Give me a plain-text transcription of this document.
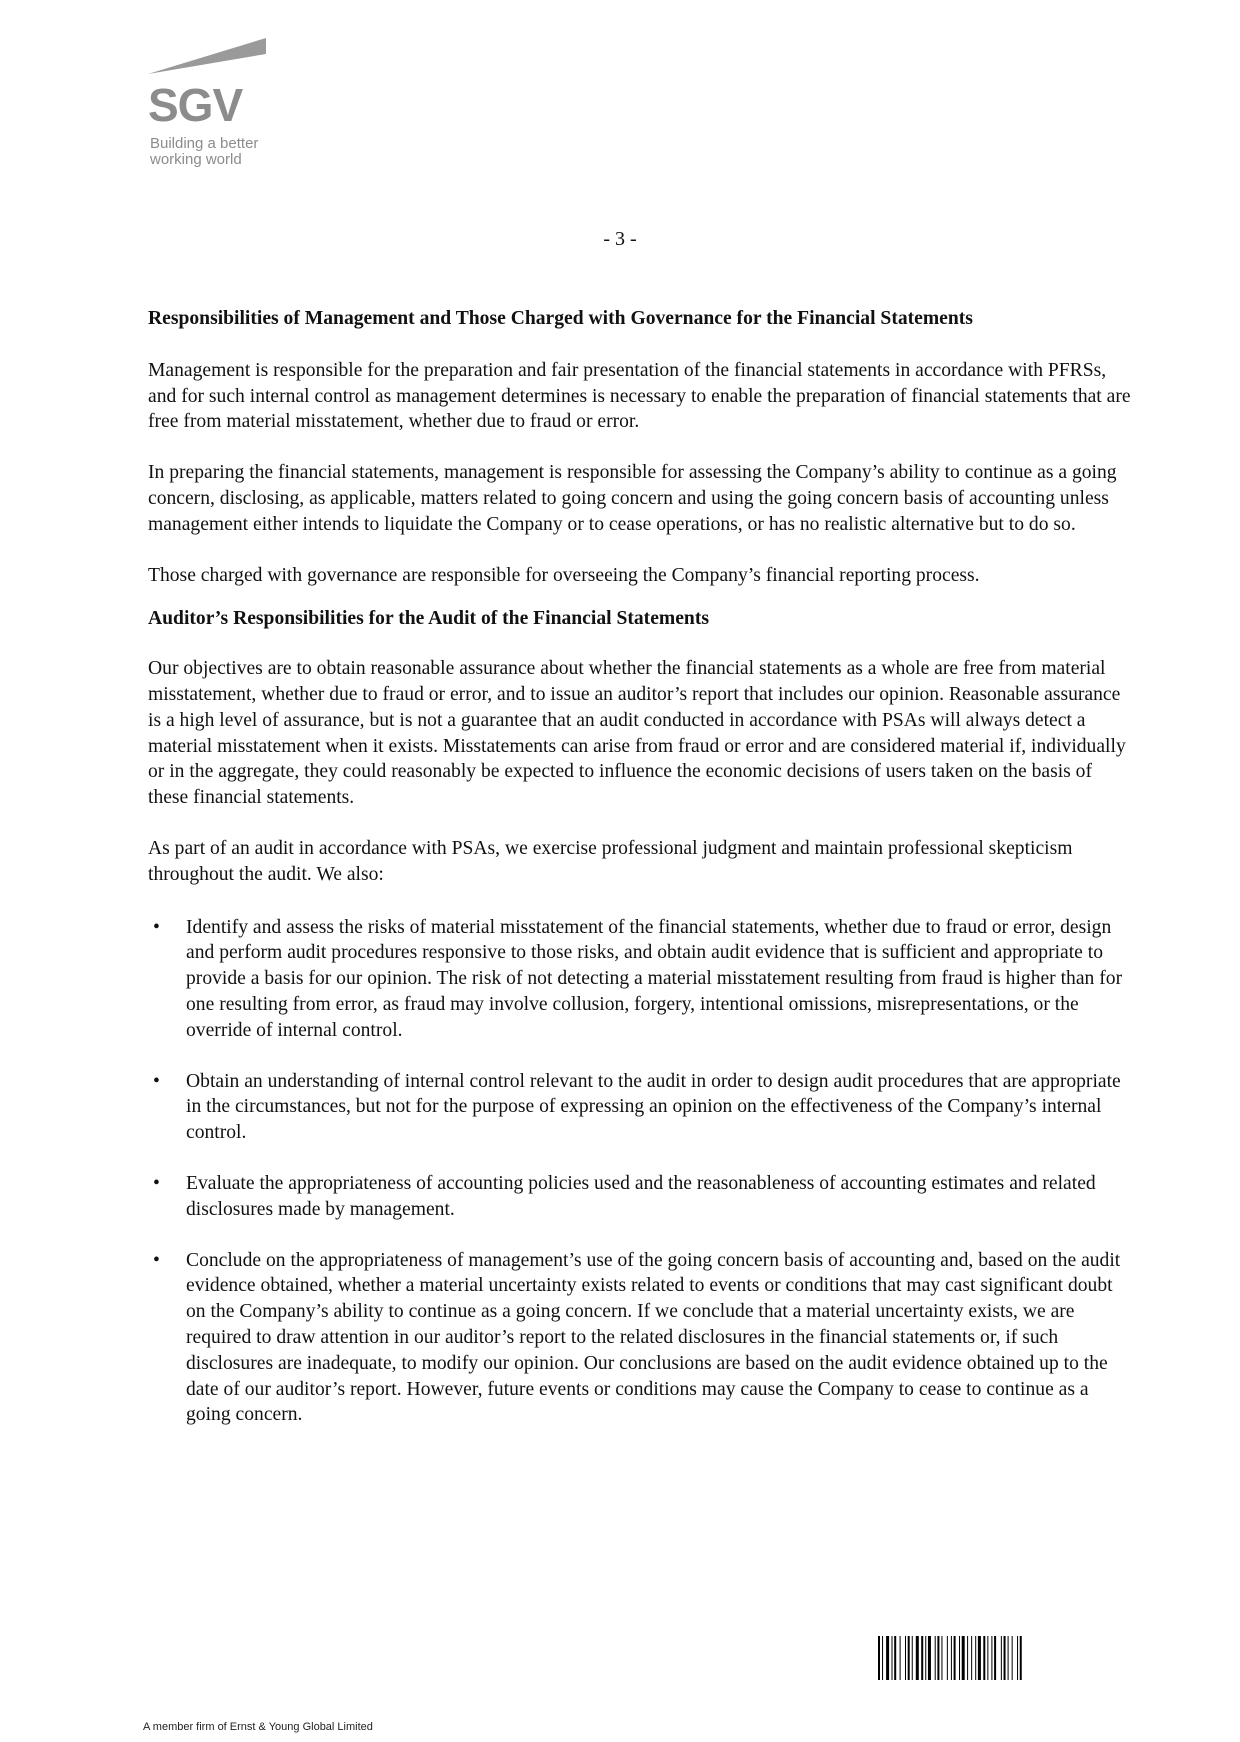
SGV
Building a better
working world
- 3 -
Responsibilities of Management and Those Charged with Governance for the Financial Statements

Management is responsible for the preparation and fair presentation of the financial statements in accordance with PFRSs, and for such internal control as management determines is necessary to enable the preparation of financial statements that are free from material misstatement, whether due to fraud or error.

In preparing the financial statements, management is responsible for assessing the Company’s ability to continue as a going concern, disclosing, as applicable, matters related to going concern and using the going concern basis of accounting unless management either intends to liquidate the Company or to cease operations, or has no realistic alternative but to do so.

Those charged with governance are responsible for overseeing the Company’s financial reporting process.

Auditor’s Responsibilities for the Audit of the Financial Statements

Our objectives are to obtain reasonable assurance about whether the financial statements as a whole are free from material misstatement, whether due to fraud or error, and to issue an auditor’s report that includes our opinion. Reasonable assurance is a high level of assurance, but is not a guarantee that an audit conducted in accordance with PSAs will always detect a material misstatement when it exists. Misstatements can arise from fraud or error and are considered material if, individually or in the aggregate, they could reasonably be expected to influence the economic decisions of users taken on the basis of these financial statements.

As part of an audit in accordance with PSAs, we exercise professional judgment and maintain professional skepticism throughout the audit. We also:

• Identify and assess the risks of material misstatement of the financial statements, whether due to fraud or error, design and perform audit procedures responsive to those risks, and obtain audit evidence that is sufficient and appropriate to provide a basis for our opinion. The risk of not detecting a material misstatement resulting from fraud is higher than for one resulting from error, as fraud may involve collusion, forgery, intentional omissions, misrepresentations, or the override of internal control.
• Obtain an understanding of internal control relevant to the audit in order to design audit procedures that are appropriate in the circumstances, but not for the purpose of expressing an opinion on the effectiveness of the Company’s internal control.
• Evaluate the appropriateness of accounting policies used and the reasonableness of accounting estimates and related disclosures made by management.
• Conclude on the appropriateness of management’s use of the going concern basis of accounting and, based on the audit evidence obtained, whether a material uncertainty exists related to events or conditions that may cast significant doubt on the Company’s ability to continue as a going concern. If we conclude that a material uncertainty exists, we are required to draw attention in our auditor’s report to the related disclosures in the financial statements or, if such disclosures are inadequate, to modify our opinion. Our conclusions are based on the audit evidence obtained up to the date of our auditor’s report. However, future events or conditions may cause the Company to cease to continue as a going concern.
A member firm of Ernst & Young Global Limited
